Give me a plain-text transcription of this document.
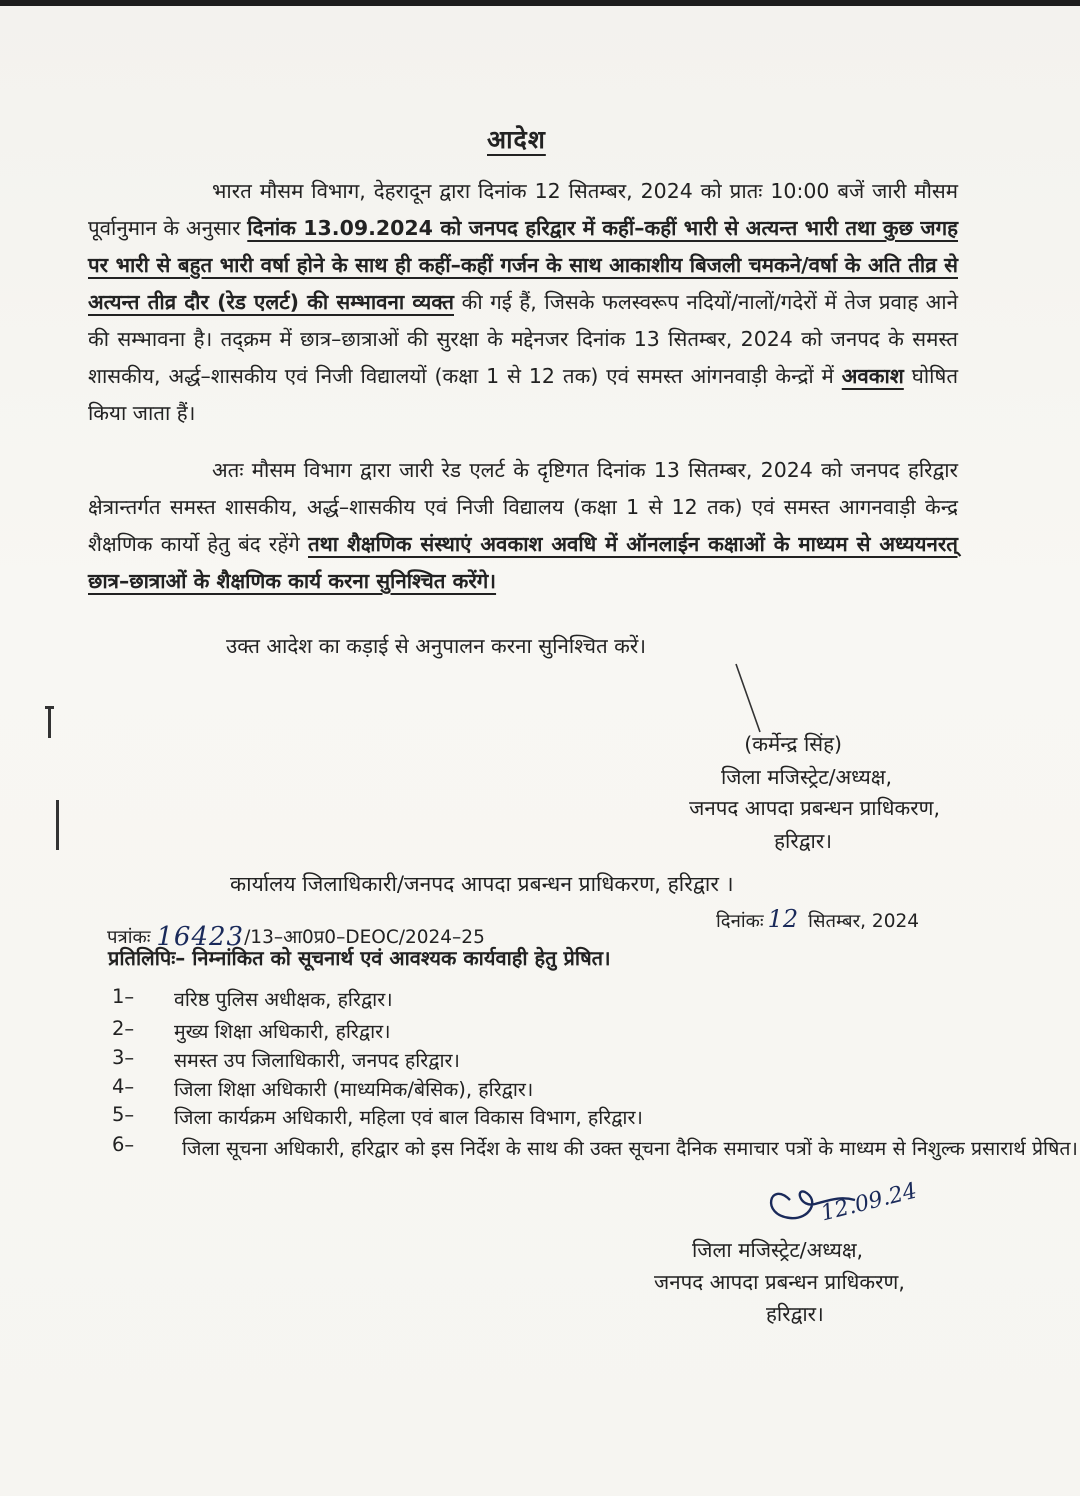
आदेश

भारत मौसम विभाग, देहरादून द्वारा दिनांक 12 सितम्बर, 2024 को प्रातः 10:00 बजें जारी मौसम पूर्वानुमान के अनुसार दिनांक 13.09.2024 को जनपद हरिद्वार में कहीं–कहीं भारी से अत्यन्त भारी तथा कुछ जगह पर भारी से बहुत भारी वर्षा होने के साथ ही कहीं–कहीं गर्जन के साथ आकाशीय बिजली चमकने/वर्षा के अति तीव्र से अत्यन्त तीव्र दौर (रेड एलर्ट) की सम्भावना व्यक्त की गई हैं, जिसके फलस्वरूप नदियों/नालों/गदेरों में तेज प्रवाह आने की सम्भावना है। तद्क्रम में छात्र–छात्राओं की सुरक्षा के मद्देनजर दिनांक 13 सितम्बर, 2024 को जनपद के समस्त शासकीय, अर्द्ध–शासकीय एवं निजी विद्यालयों (कक्षा 1 से 12 तक) एवं समस्त आंगनवाड़ी केन्द्रों में अवकाश घोषित किया जाता हैं।

अतः मौसम विभाग द्वारा जारी रेड एलर्ट के दृष्टिगत दिनांक 13 सितम्बर, 2024 को जनपद हरिद्वार क्षेत्रान्तर्गत समस्त शासकीय, अर्द्ध–शासकीय एवं निजी विद्यालय (कक्षा 1 से 12 तक) एवं समस्त आगनवाड़ी केन्द्र शैक्षणिक कार्यो हेतु बंद रहेंगे तथा शैक्षणिक संस्थाएं अवकाश अवधि में ऑनलाईन कक्षाओं के माध्यम से अध्ययनरत् छात्र–छात्राओं के शैक्षणिक कार्य करना सुनिश्चित करेंगे।

उक्त आदेश का कड़ाई से अनुपालन करना सुनिश्चित करें।
(कर्मेन्द्र सिंह)
जिला मजिस्ट्रेट/अध्यक्ष,
जनपद आपदा प्रबन्धन प्राधिकरण,
हरिद्वार।
कार्यालय जिलाधिकारी/जनपद आपदा प्रबन्धन प्राधिकरण, हरिद्वार ।
दिनांकः 12 सितम्बर, 2024
पत्रांकः 16423/13–आ0प्र0–DEOC/2024–25
प्रतिलिपिः– निम्नांकित को सूचनार्थ एवं आवश्यक कार्यवाही हेतु प्रेषित।
1–	वरिष्ठ पुलिस अधीक्षक, हरिद्वार।
2–	मुख्य शिक्षा अधिकारी, हरिद्वार।
3–	समस्त उप जिलाधिकारी, जनपद हरिद्वार।
4–	जिला शिक्षा अधिकारी (माध्यमिक/बेसिक), हरिद्वार।
5–	जिला कार्यक्रम अधिकारी, महिला एवं बाल विकास विभाग, हरिद्वार।
6–	जिला सूचना अधिकारी, हरिद्वार को इस निर्देश के साथ की उक्त सूचना दैनिक समाचार पत्रों के माध्यम से निशुल्क प्रसारार्थ प्रेषित।
12.09.24
जिला मजिस्ट्रेट/अध्यक्ष,
जनपद आपदा प्रबन्धन प्राधिकरण,
हरिद्वार।
